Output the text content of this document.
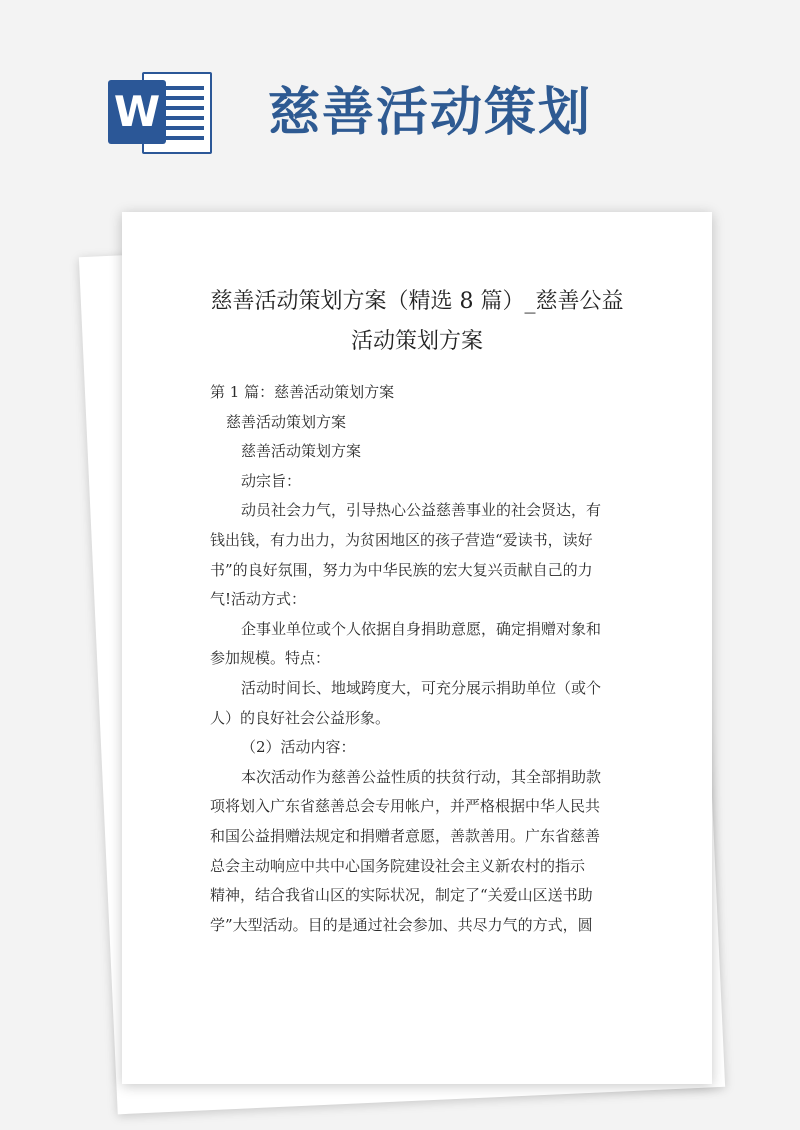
W 慈善活动策划
慈善活动策划方案（精选 8 篇）_慈善公益
活动策划方案

第 1 篇：慈善活动策划方案

慈善活动策划方案

慈善活动策划方案

动宗旨：

动员社会力气，引导热心公益慈善事业的社会贤达，有

钱出钱，有力出力，为贫困地区的孩子营造“爱读书，读好

书”的良好氛围，努力为中华民族的宏大复兴贡献自己的力

气!活动方式：

企事业单位或个人依据自身捐助意愿，确定捐赠对象和

参加规模。特点：

活动时间长、地域跨度大，可充分展示捐助单位（或个

人）的良好社会公益形象。

（2）活动内容：

本次活动作为慈善公益性质的扶贫行动，其全部捐助款

项将划入广东省慈善总会专用帐户，并严格根据中华人民共

和国公益捐赠法规定和捐赠者意愿，善款善用。广东省慈善

总会主动响应中共中心国务院建设社会主义新农村的指示

精神，结合我省山区的实际状况，制定了“关爱山区送书助

学”大型活动。目的是通过社会参加、共尽力气的方式，圆
